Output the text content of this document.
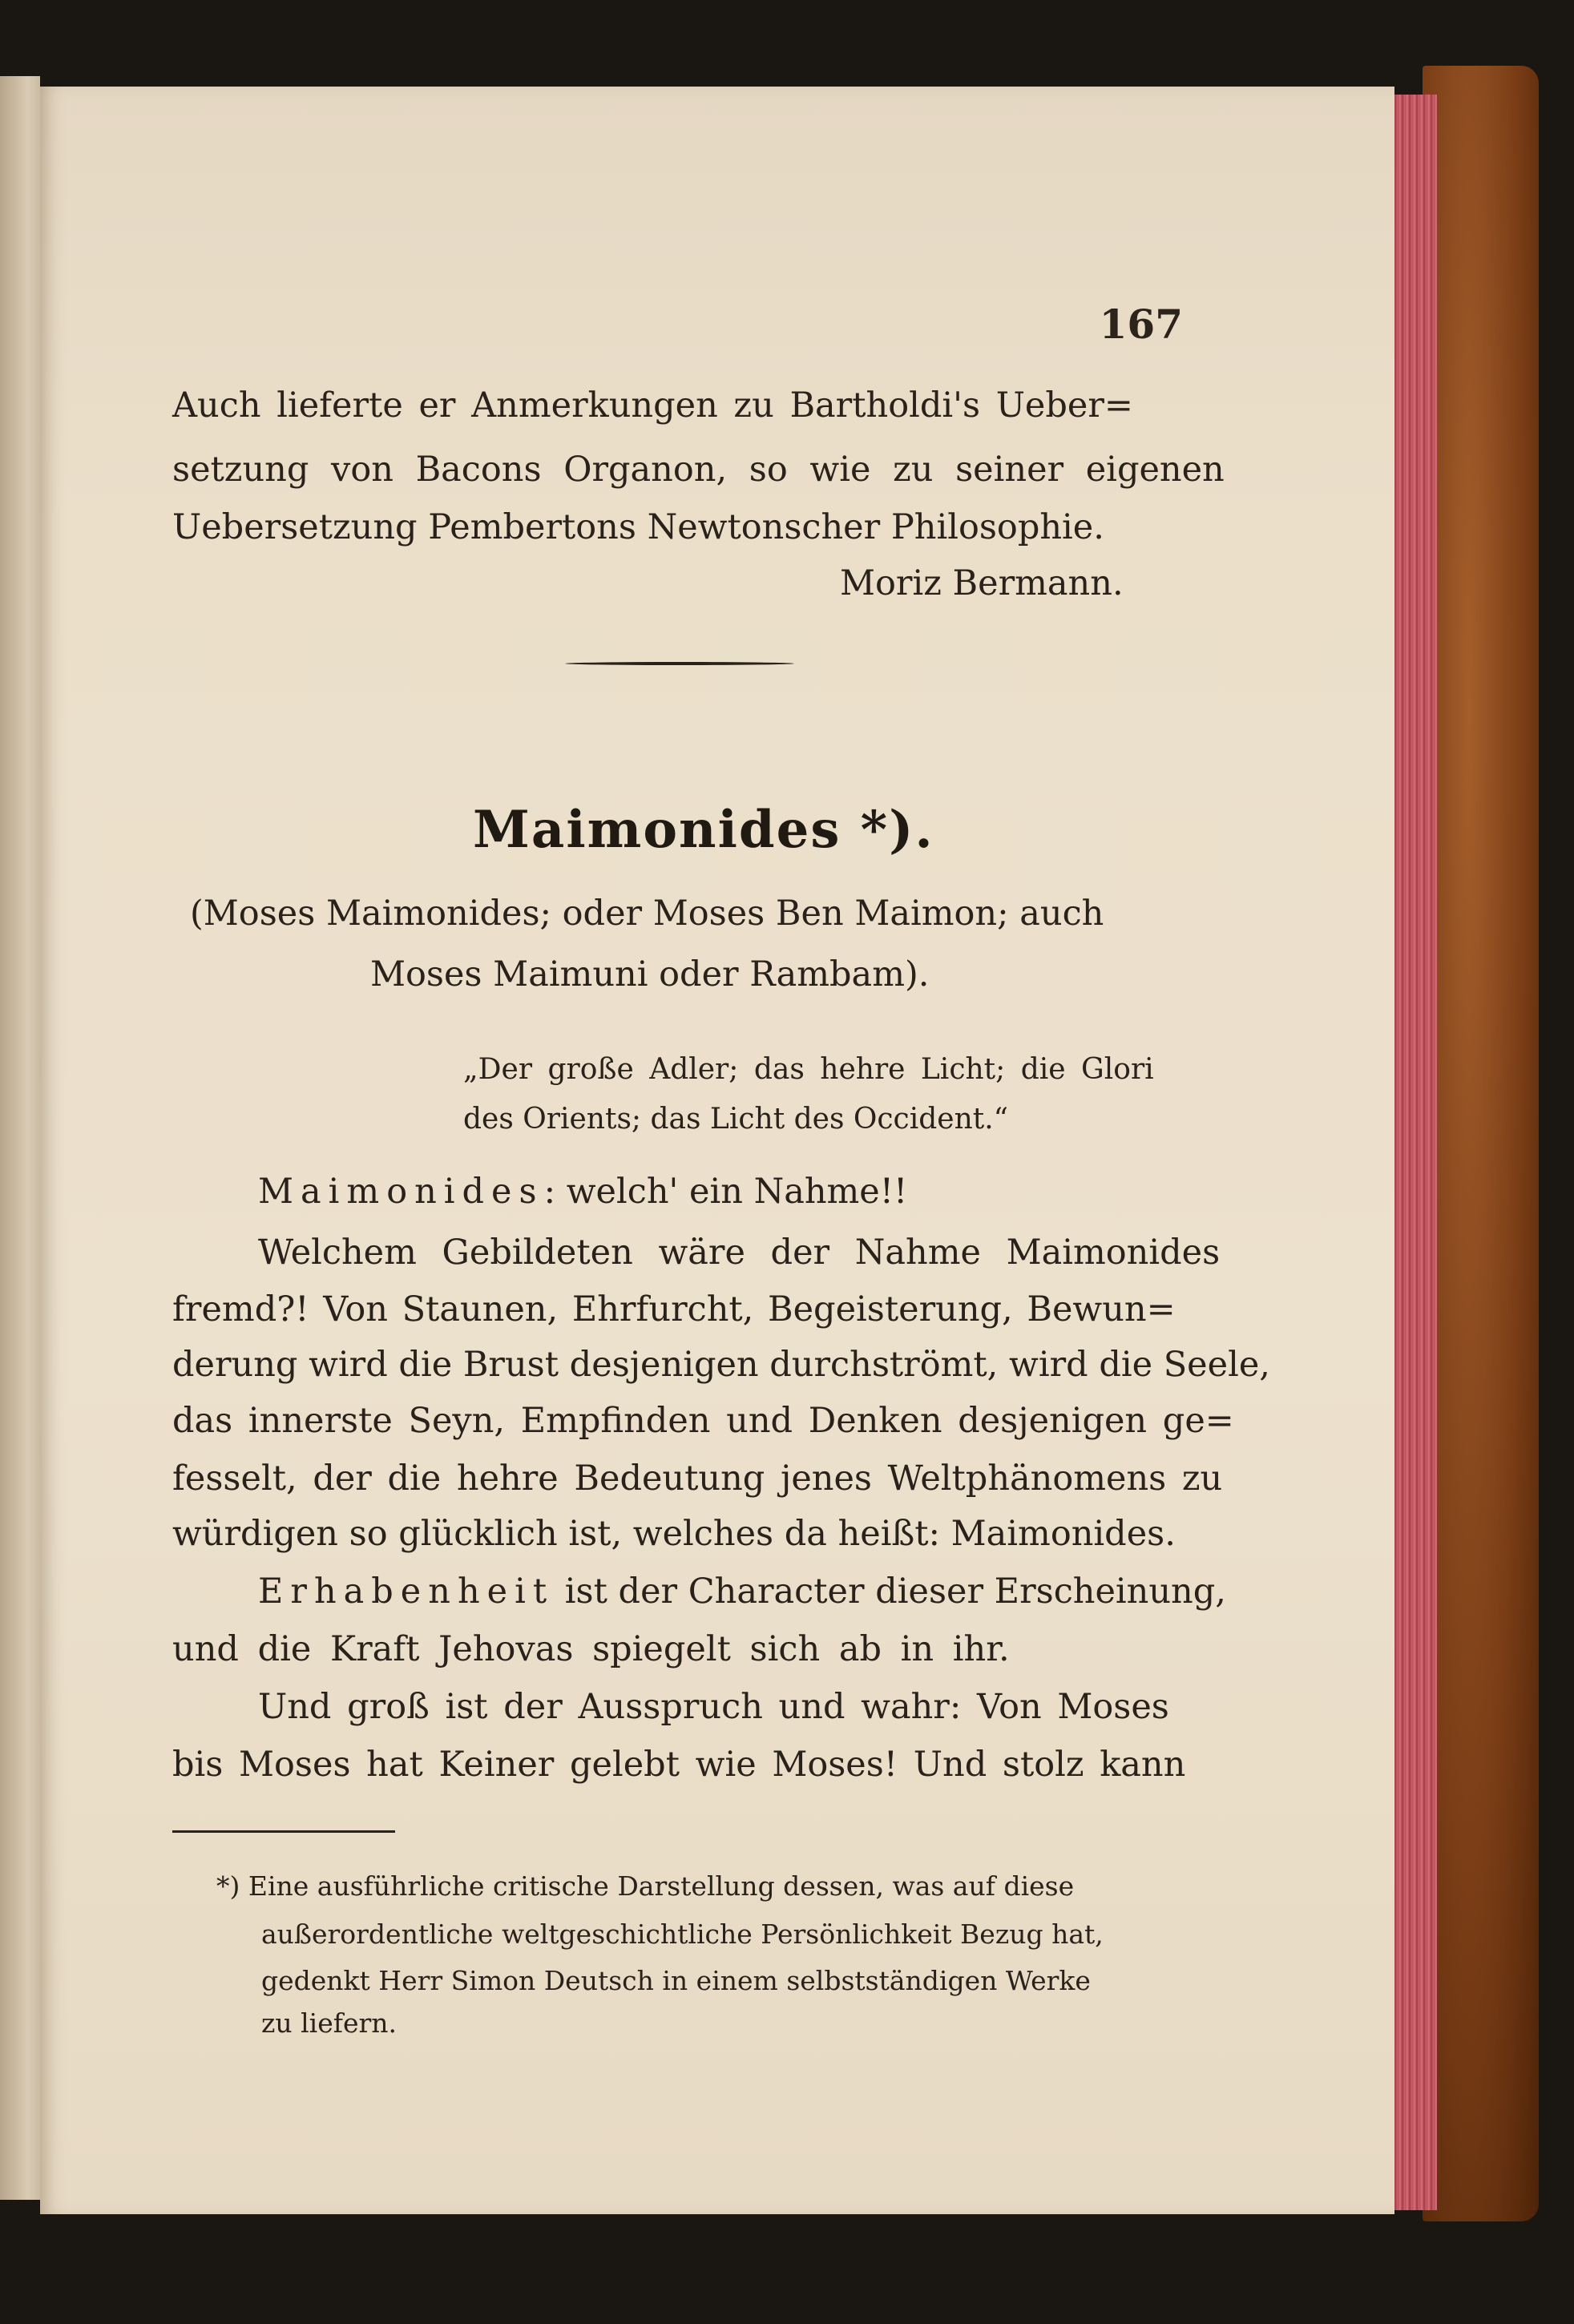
167
Auch lieferte er Anmerkungen zu Bartholdi's Ueber=
setzung von Bacons Organon, so wie zu seiner eigenen
Uebersetzung Pembertons Newtonscher Philosophie.
Moriz Bermann.
Maimonides *).
(Moses Maimonides; oder Moses Ben Maimon; auch
Moses Maimuni oder Rambam).
„Der große Adler; das hehre Licht; die Glori
des Orients; das Licht des Occident.“
Maimonides: welch' ein Nahme!!
Welchem Gebildeten wäre der Nahme Maimonides
fremd?! Von Staunen, Ehrfurcht, Begeisterung, Bewun=
derung wird die Brust desjenigen durchströmt, wird die Seele,
das innerste Seyn, Empfinden und Denken desjenigen ge=
fesselt, der die hehre Bedeutung jenes Weltphänomens zu
würdigen so glücklich ist, welches da heißt: Maimonides.
Erhabenheit ist der Character dieser Erscheinung,
und die Kraft Jehovas spiegelt sich ab in ihr.
Und groß ist der Ausspruch und wahr: Von Moses
bis Moses hat Keiner gelebt wie Moses! Und stolz kann
*) Eine ausführliche critische Darstellung dessen, was auf diese
außerordentliche weltgeschichtliche Persönlichkeit Bezug hat,
gedenkt Herr Simon Deutsch in einem selbstständigen Werke
zu liefern.
